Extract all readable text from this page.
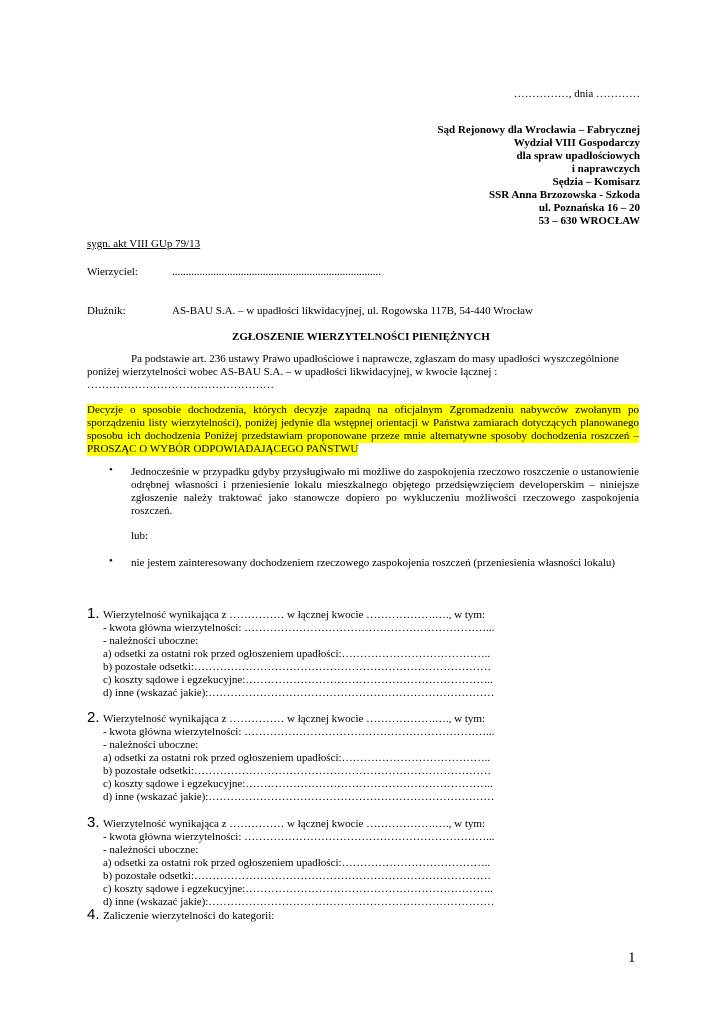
……………, dnia …………
Sąd Rejonowy dla Wrocławia – Fabrycznej
Wydział VIII Gospodarczy
dla spraw upadłościowych
i naprawczych
Sędzia – Komisarz
SSR Anna Brzozowska - Szkoda
ul. Poznańska 16 – 20
53 – 630 WROCŁAW
sygn. akt VIII GUp 79/13
Wierzyciel:	............................................................................
Dłużnik:	AS-BAU S.A. – w upadłości likwidacyjnej, ul. Rogowska 117B, 54-440 Wrocław
ZGŁOSZENIE WIERZYTELNOŚCI PIENIĘŻNYCH
Pa podstawie art. 236 ustawy Prawo upadłościowe i naprawcze, zgłaszam do masy upadłości wyszczególnione
poniżej wierzytelności wobec AS-BAU S.A. – w upadłości likwidacyjnej, w kwocie łącznej :
……………………………………………
Decyzje o sposobie dochodzenia, których decyzje zapadną na oficjalnym Zgromadzeniu nabywców zwołanym po
sporządzeniu listy wierzytelności), poniżej jedynie dla wstępnej orientacji w Państwa zamiarach dotyczących planowanego
sposobu ich dochodzenia Poniżej przedstawiam proponowane przeze mnie alternatywne sposoby dochodzenia roszczeń –
PROSZĄC O WYBÓR ODPOWIADAJĄCEGO PAŃSTWU
• Jednocześnie w przypadku gdyby przysługiwało mi możliwe do zaspokojenia rzeczowo roszczenie o ustanowienie
odrębnej własności i przeniesienie lokalu mieszkalnego objętego przedsięwzięciem developerskim – niniejsze
zgłoszenie należy traktować jako stanowcze dopiero po wykluczeniu możliwości rzeczowego zaspokojenia
roszczeń.
lub:
• nie jestem zainteresowany dochodzeniem rzeczowego zaspokojenia roszczeń (przeniesienia własności lokalu)
1. Wierzytelność wynikająca z …………… w łącznej kwocie ……………….…., w tym:
- kwota główna wierzytelności: …………………………………………………………...
- należności uboczne:
a) odsetki za ostatni rok przed ogłoszeniem upadłości:…………………………………..
b) pozostałe odsetki:………………………………………………………………………
c) koszty sądowe i egzekucyjne:…………………………………………………………..
d) inne (wskazać jakie):……………………………………………………………………
2. Wierzytelność wynikająca z …………… w łącznej kwocie ……………….…., w tym:
- kwota główna wierzytelności: …………………………………………………………...
- należności uboczne:
a) odsetki za ostatni rok przed ogłoszeniem upadłości:…………………………………..
b) pozostałe odsetki:………………………………………………………………………
c) koszty sądowe i egzekucyjne:…………………………………………………………..
d) inne (wskazać jakie):……………………………………………………………………
3. Wierzytelność wynikająca z …………… w łącznej kwocie ……………….…., w tym:
- kwota główna wierzytelności: …………………………………………………………...
- należności uboczne:
a) odsetki za ostatni rok przed ogłoszeniem upadłości:…………………………………..
b) pozostałe odsetki:………………………………………………………………………
c) koszty sądowe i egzekucyjne:…………………………………………………………..
d) inne (wskazać jakie):……………………………………………………………………
4. Zaliczenie wierzytelności do kategorii:
1
